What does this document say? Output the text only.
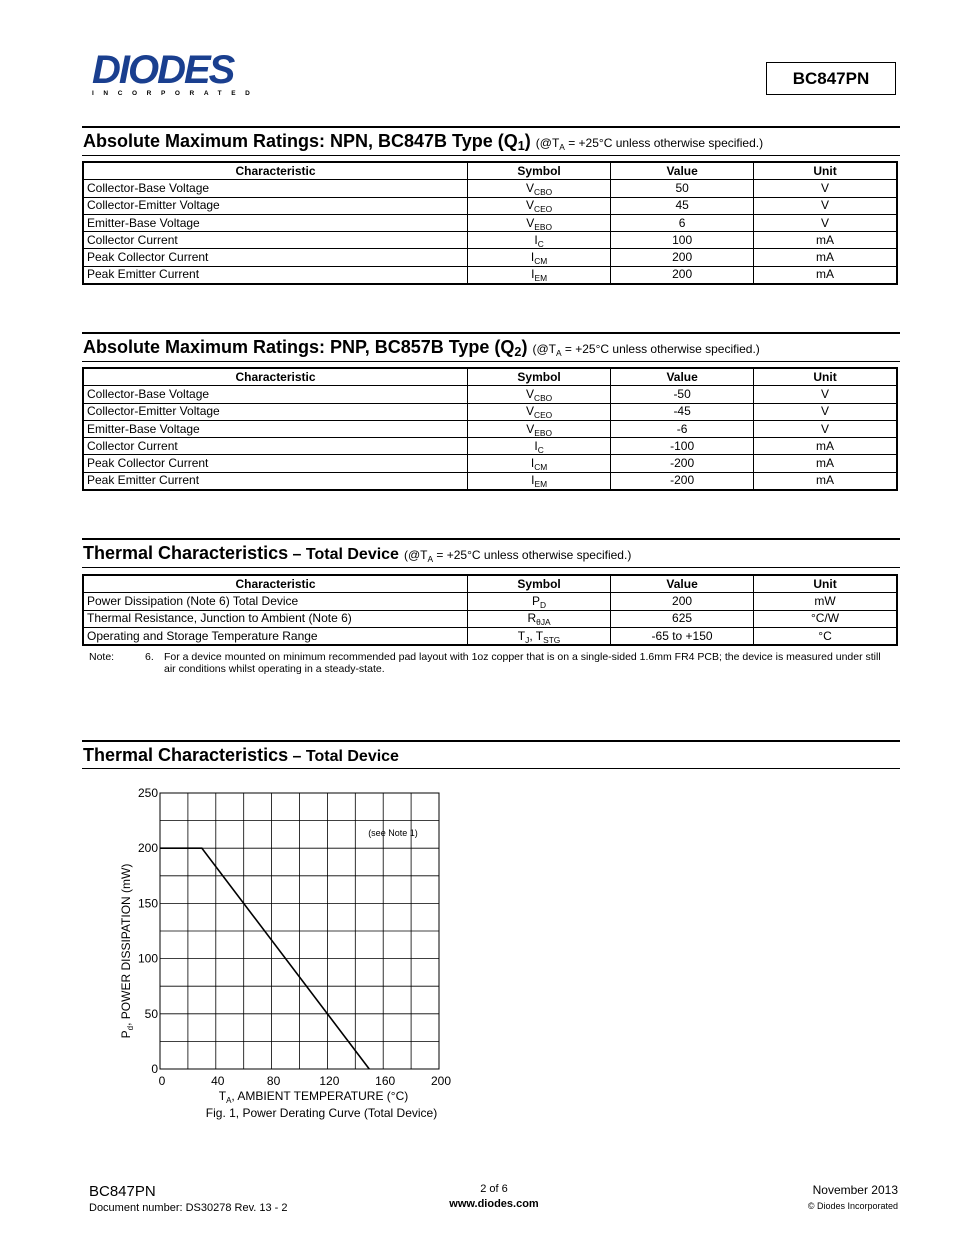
DIODES
INCORPORATED
BC847PN
Absolute Maximum Ratings: NPN, BC847B Type $(Q_1)$ ($@T_A = +25^\circ C$ unless otherwise specified.)
Characteristic	Symbol	Value	Unit
Collector-Base Voltage	$V_{CBO}$	50	V
Collector-Emitter Voltage	$V_{CEO}$	45	V
Emitter-Base Voltage	$V_{EBO}$	6	V
Collector Current	$I_C$	100	mA
Peak Collector Current	$I_{CM}$	200	mA
Peak Emitter Current	$I_{EM}$	200	mA
Absolute Maximum Ratings: PNP, BC857B Type $(Q_2)$ ($@T_A = +25^\circ C$ unless otherwise specified.)
Characteristic	Symbol	Value	Unit
Collector-Base Voltage	$V_{CBO}$	-50	V
Collector-Emitter Voltage	$V_{CEO}$	-45	V
Emitter-Base Voltage	$V_{EBO}$	-6	V
Collector Current	$I_C$	-100	mA
Peak Collector Current	$I_{CM}$	-200	mA
Peak Emitter Current	$I_{EM}$	-200	mA
Thermal Characteristics – Total Device ($@T_A = +25^\circ C$ unless otherwise specified.)
Characteristic	Symbol	Value	Unit
Power Dissipation (Note 6) Total Device	$P_D$	200	mW
Thermal Resistance, Junction to Ambient (Note 6)	$R_{\theta JA}$	625	°C/W
Operating and Storage Temperature Range	$T_J$, $T_{STG}$	-65 to +150	°C
Note:	6. For a device mounted on minimum recommended pad layout with 1oz copper that is on a single-sided 1.6mm FR4 PCB; the device is measured under still air conditions whilst operating in a steady-state.
Thermal Characteristics – Total Device
0	40	80	120	160	200
0
50
100
150
200
250
(see Note 1)
$T_A$, AMBIENT TEMPERATURE (°C)
$P_d$, POWER DISSIPATION (mW)
Fig. 1, Power Derating Curve (Total Device)
BC847PN
Document number: DS30278 Rev. 13 - 2
2 of 6
www.diodes.com
November 2013
© Diodes Incorporated
